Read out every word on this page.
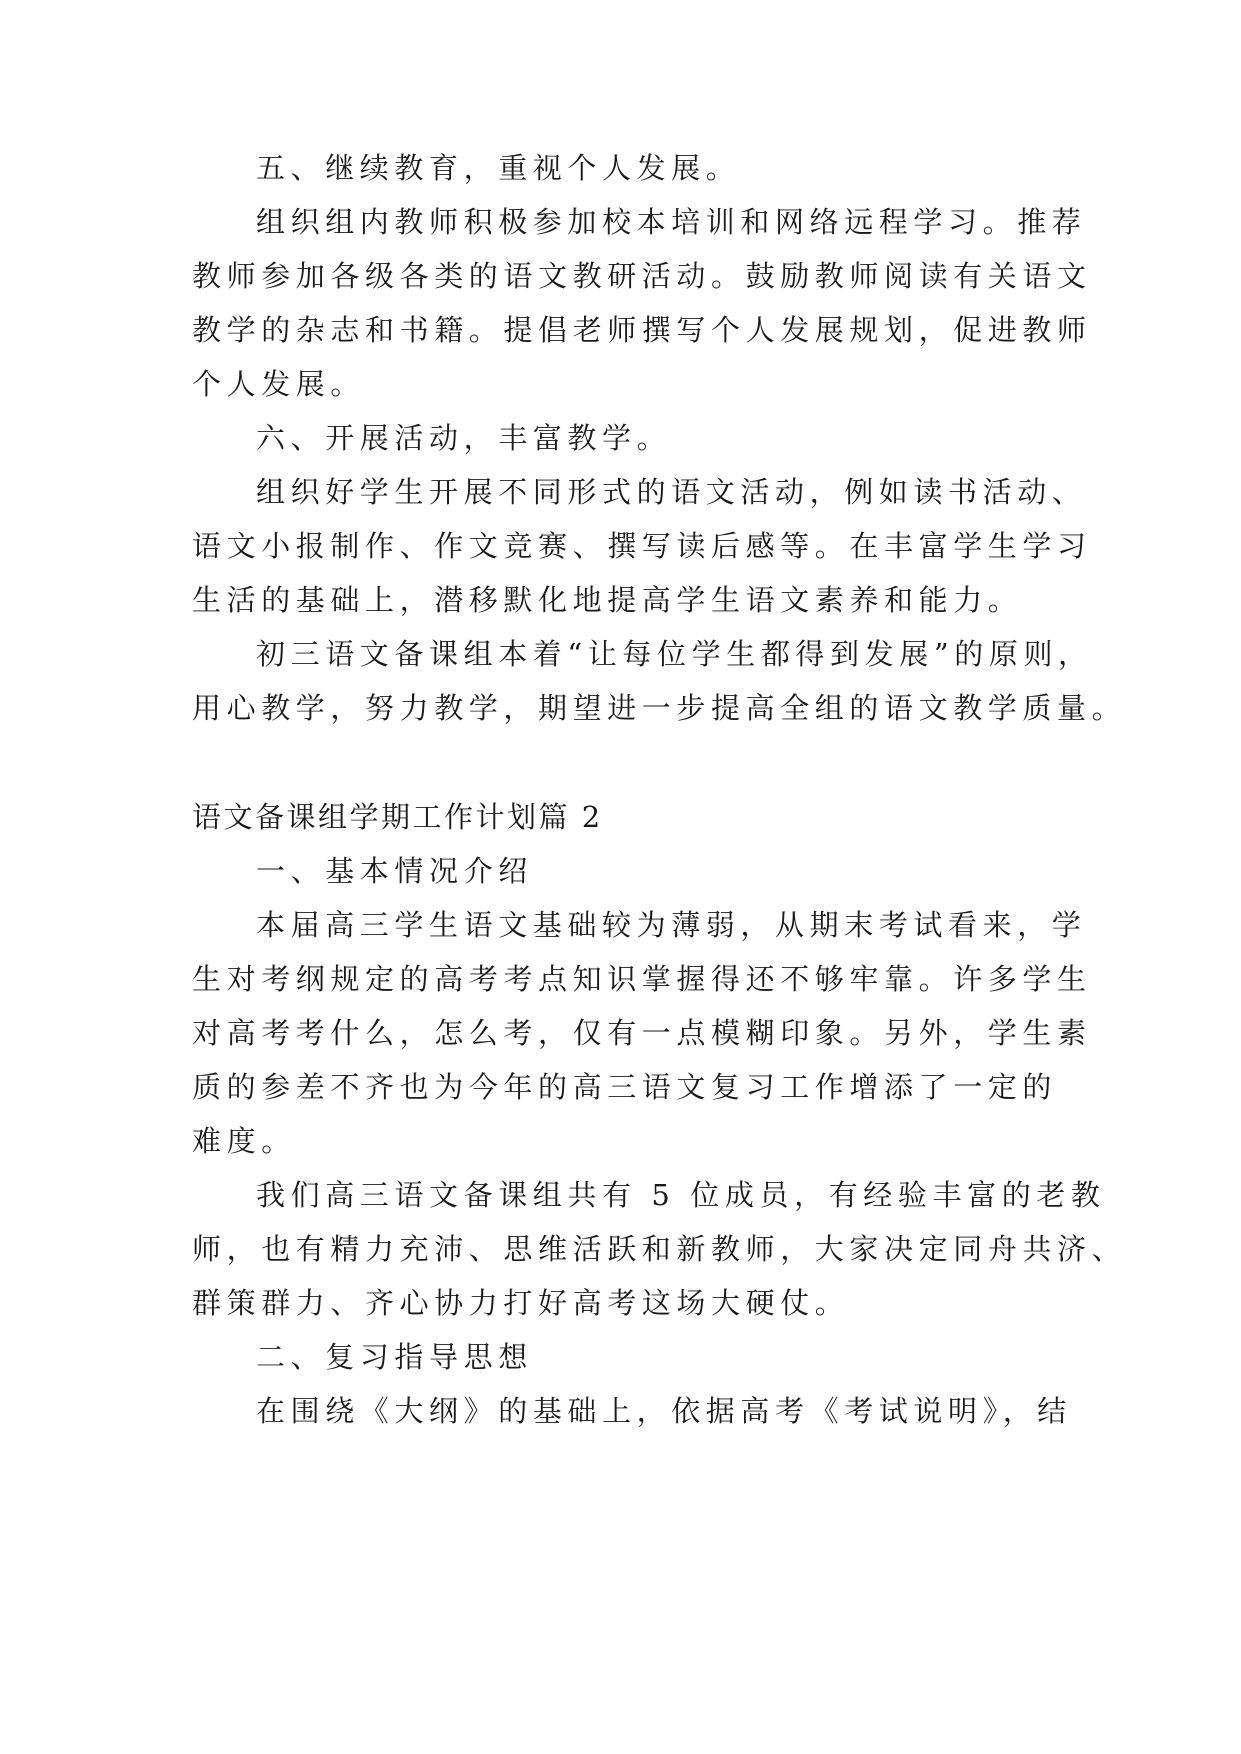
五、继续教育，重视个人发展。
组织组内教师积极参加校本培训和网络远程学习。推荐
教师参加各级各类的语文教研活动。鼓励教师阅读有关语文
教学的杂志和书籍。提倡老师撰写个人发展规划，促进教师
个人发展。
六、开展活动，丰富教学。
组织好学生开展不同形式的语文活动，例如读书活动、
语文小报制作、作文竞赛、撰写读后感等。在丰富学生学习
生活的基础上，潜移默化地提高学生语文素养和能力。
初三语文备课组本着“让每位学生都得到发展”的原则，
用心教学，努力教学，期望进一步提高全组的语文教学质量。
语文备课组学期工作计划篇 2
一、基本情况介绍
本届高三学生语文基础较为薄弱，从期末考试看来，学
生对考纲规定的高考考点知识掌握得还不够牢靠。许多学生
对高考考什么，怎么考，仅有一点模糊印象。另外，学生素
质的参差不齐也为今年的高三语文复习工作增添了一定的
难度。
我们高三语文备课组共有 5 位成员，有经验丰富的老教
师，也有精力充沛、思维活跃和新教师，大家决定同舟共济、
群策群力、齐心协力打好高考这场大硬仗。
二、复习指导思想
在围绕《大纲》的基础上，依据高考《考试说明》，结
